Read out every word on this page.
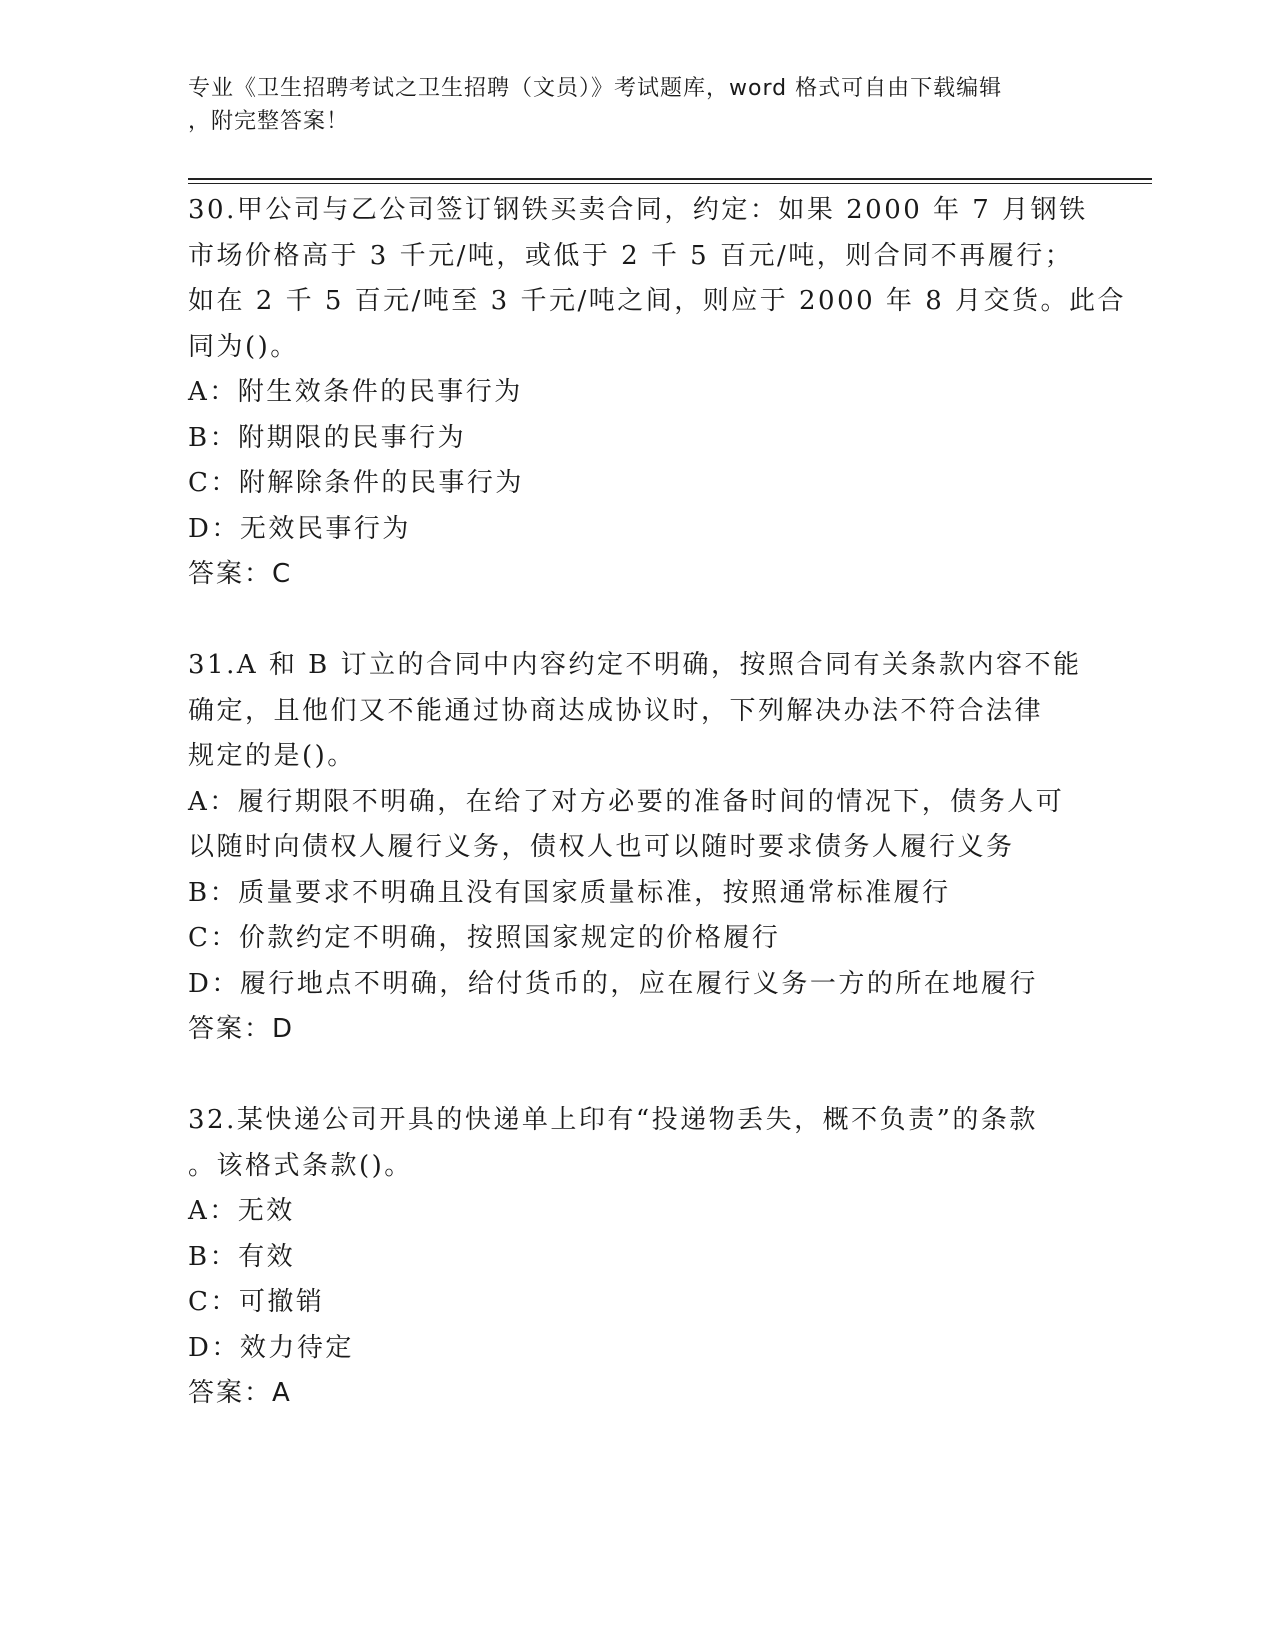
专业《卫生招聘考试之卫生招聘（文员）》考试题库，word 格式可自由下载编辑
，附完整答案！
30.甲公司与乙公司签订钢铁买卖合同，约定：如果 2000 年 7 月钢铁
市场价格高于 3 千元/吨，或低于 2 千 5 百元/吨，则合同不再履行；
如在 2 千 5 百元/吨至 3 千元/吨之间，则应于 2000 年 8 月交货。此合
同为()。
A：附生效条件的民事行为
B：附期限的民事行为
C：附解除条件的民事行为
D：无效民事行为
答案：C
31.A 和 B 订立的合同中内容约定不明确，按照合同有关条款内容不能
确定，且他们又不能通过协商达成协议时，下列解决办法不符合法律
规定的是()。
A：履行期限不明确，在给了对方必要的准备时间的情况下，债务人可
以随时向债权人履行义务，债权人也可以随时要求债务人履行义务
B：质量要求不明确且没有国家质量标准，按照通常标准履行
C：价款约定不明确，按照国家规定的价格履行
D：履行地点不明确，给付货币的，应在履行义务一方的所在地履行
答案：D
32.某快递公司开具的快递单上印有“投递物丢失，概不负责”的条款
。该格式条款()。
A：无效
B：有效
C：可撤销
D：效力待定
答案：A
